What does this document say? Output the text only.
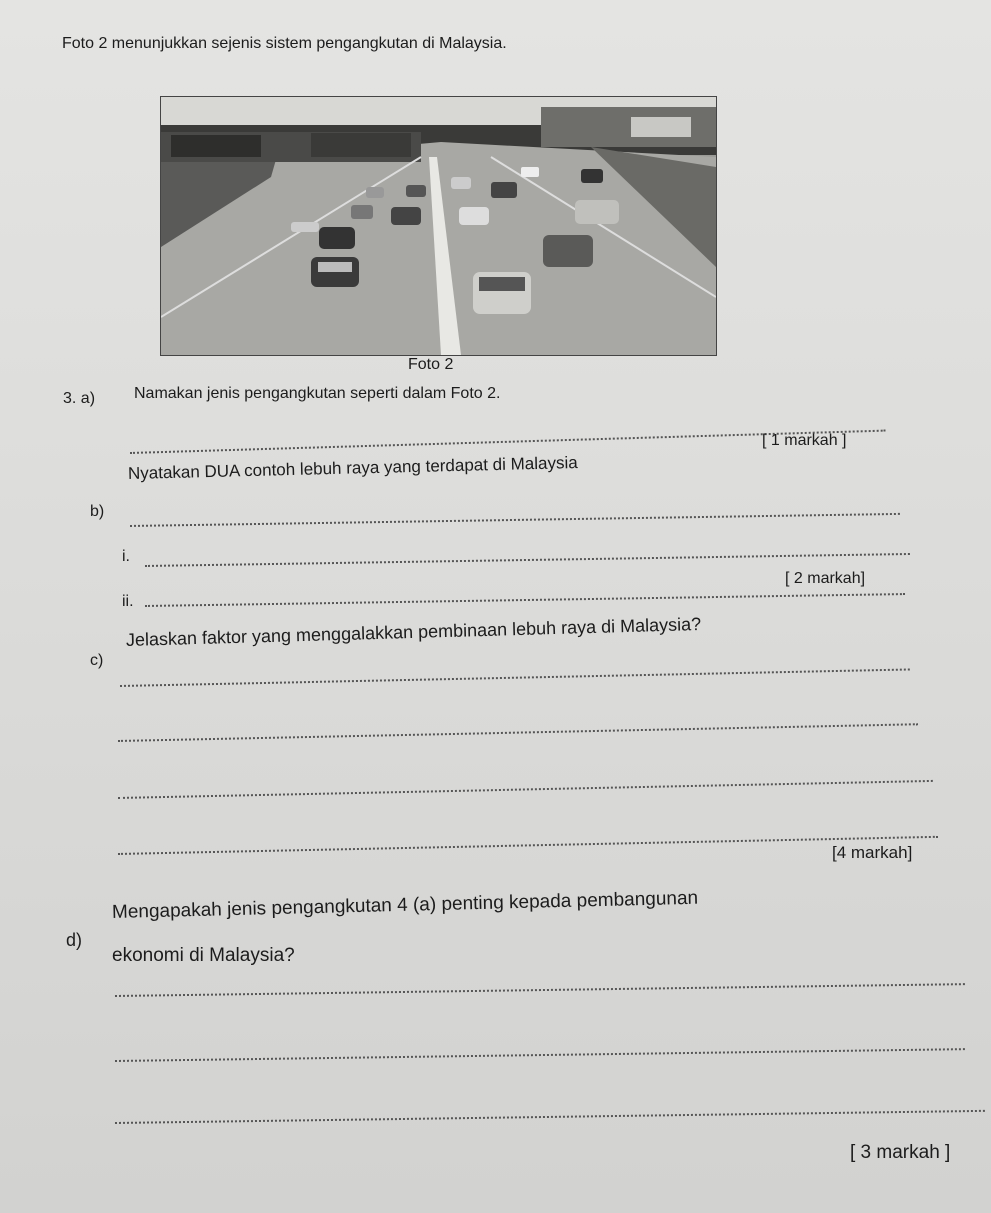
Foto 2 menunjukkan sejenis sistem pengangkutan di Malaysia.
Foto 2
3. a) Namakan jenis pengangkutan seperti dalam Foto 2.
[ 1 markah ]
b)
Nyatakan DUA contoh lebuh raya yang terdapat di Malaysia
i.
[ 2 markah]
ii.
c)
Jelaskan faktor yang menggalakkan pembinaan lebuh raya di Malaysia?
[4 markah]
d)
Mengapakah jenis pengangkutan 4 (a) penting kepada pembangunan
ekonomi di Malaysia?
[ 3 markah ]
